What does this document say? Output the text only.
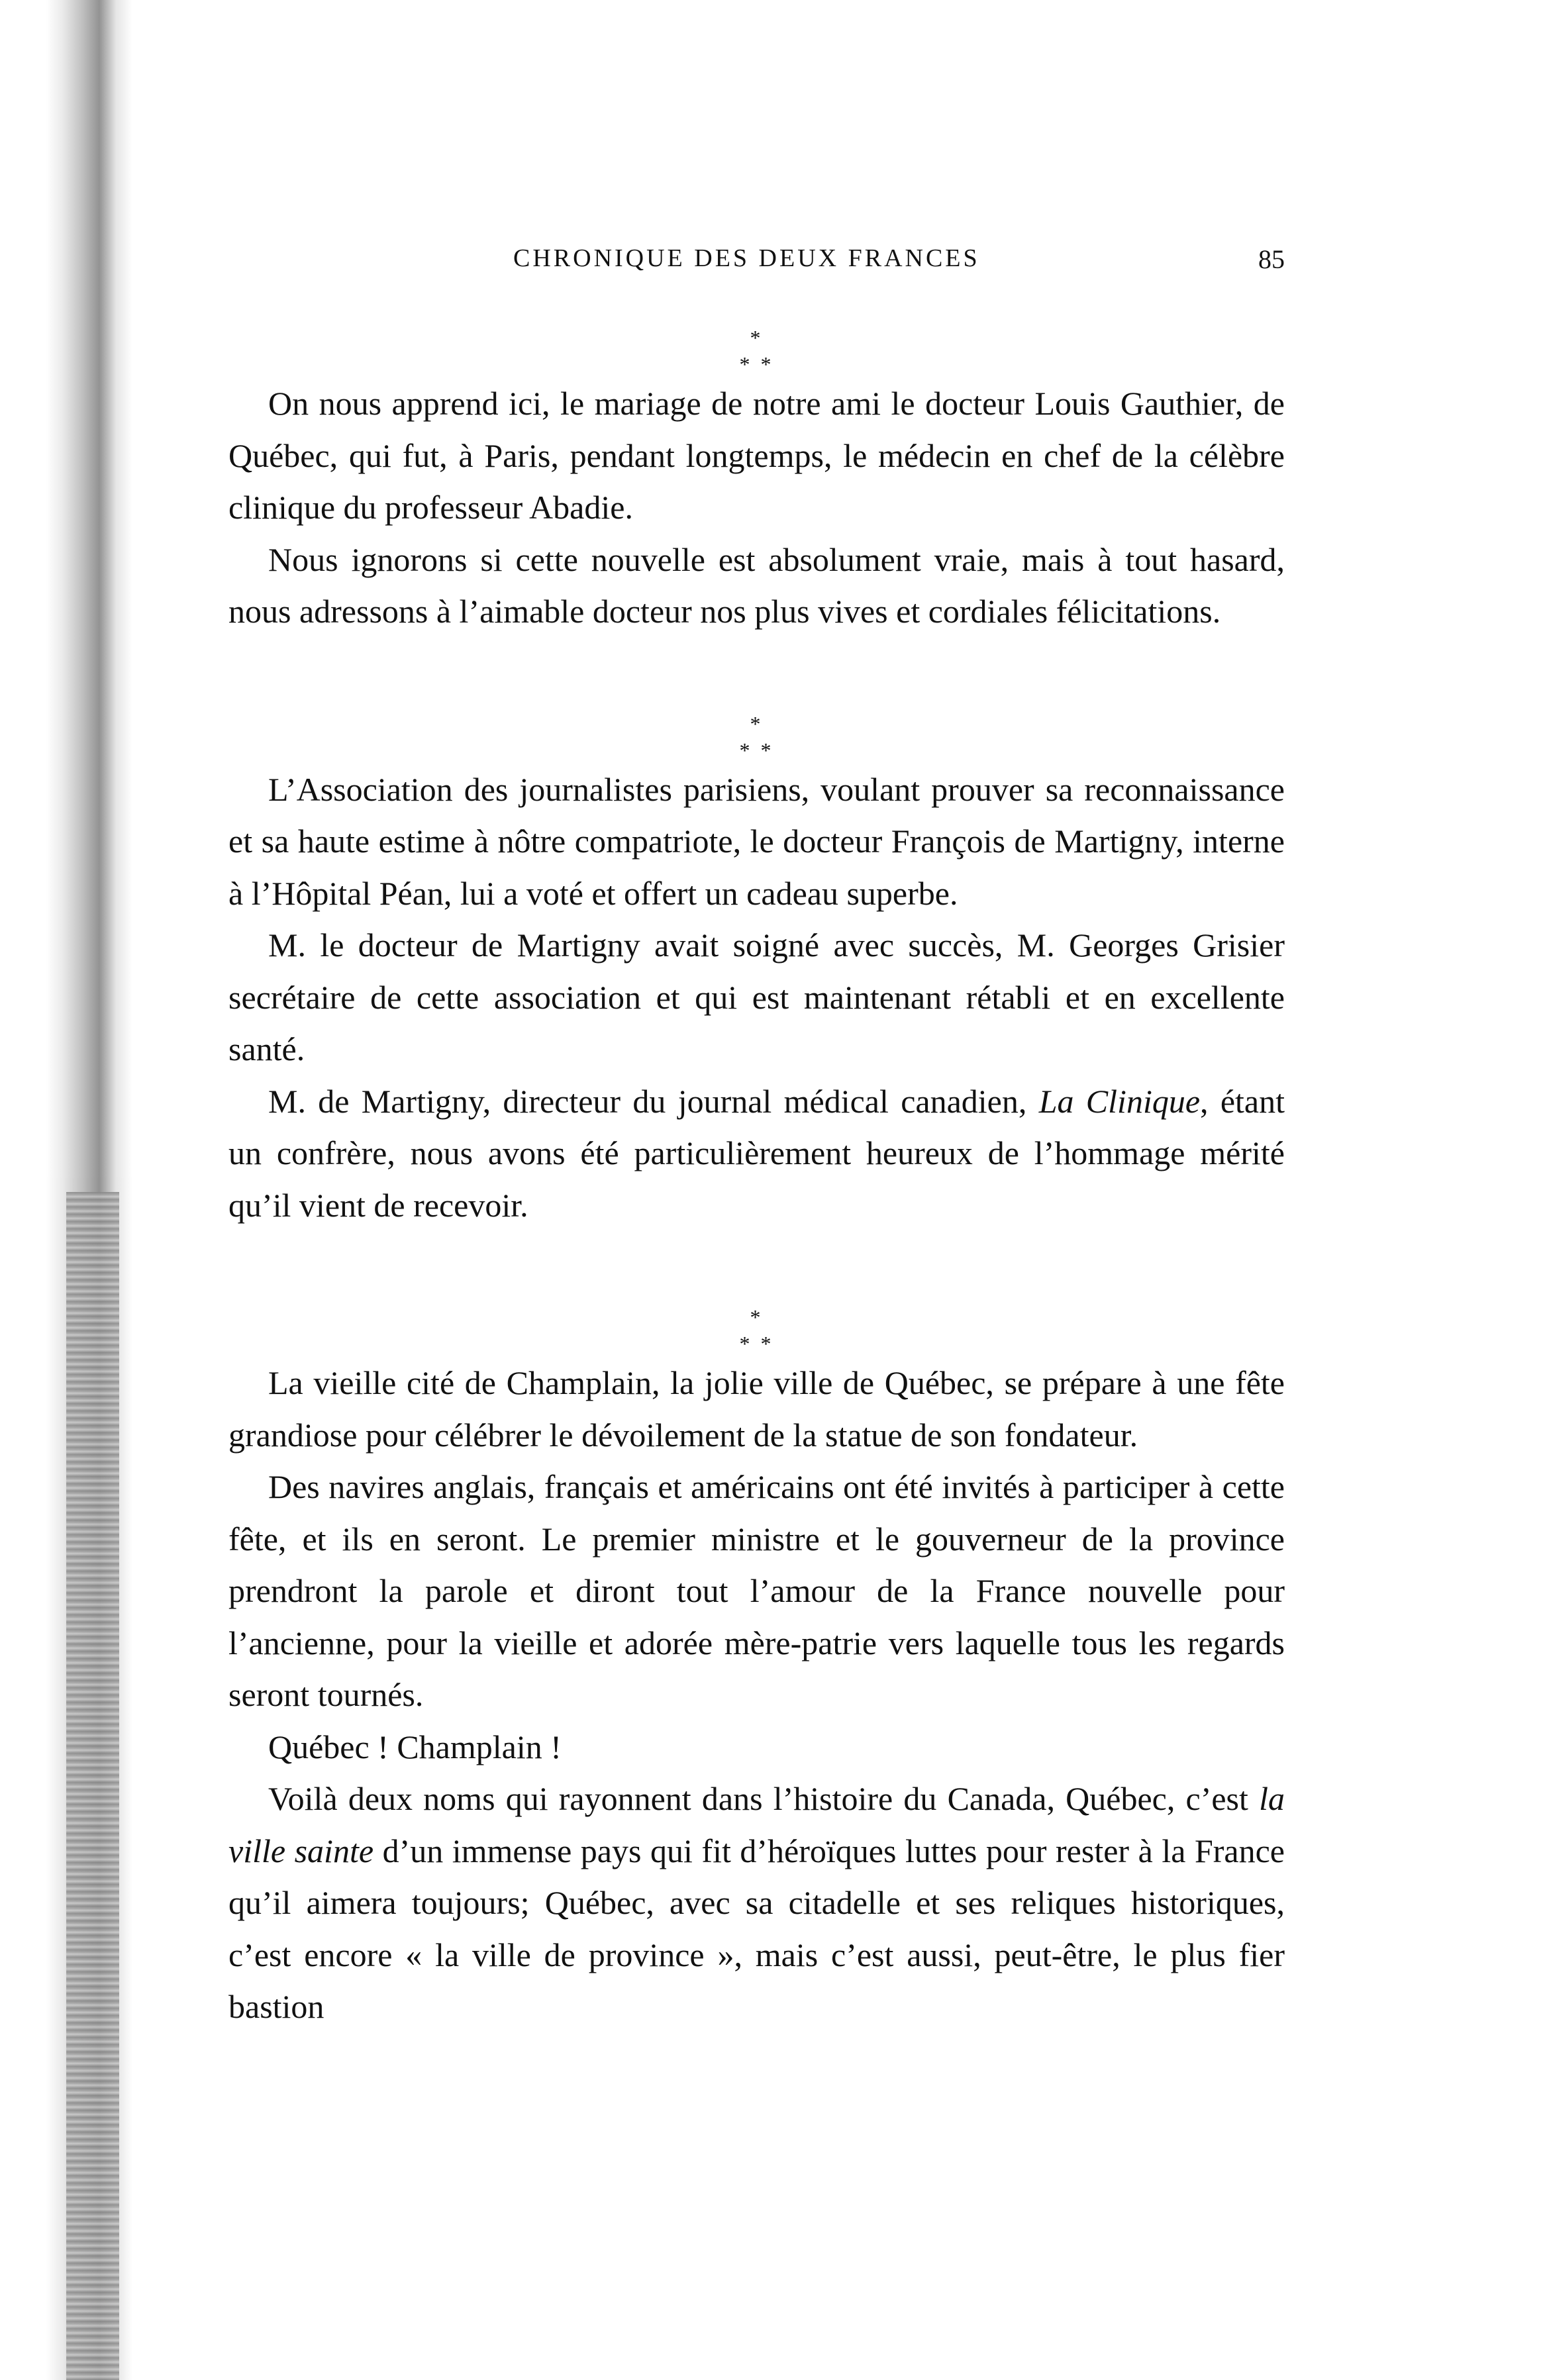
CHRONIQUE DES DEUX FRANCES	85
*
* *

On nous apprend ici, le mariage de notre ami le docteur Louis Gauthier, de Québec, qui fut, à Paris, pendant longtemps, le médecin en chef de la célèbre clinique du professeur Abadie.

Nous ignorons si cette nouvelle est absolument vraie, mais à tout hasard, nous adressons à l’aimable docteur nos plus vives et cordiales félicitations.

*
* *

L’Association des journalistes parisiens, voulant prouver sa reconnaissance et sa haute estime à nôtre compatriote, le docteur François de Martigny, interne à l’Hôpital Péan, lui a voté et offert un cadeau superbe.

M. le docteur de Martigny avait soigné avec succès, M. Georges Grisier secrétaire de cette association et qui est maintenant rétabli et en excellente santé.

M. de Martigny, directeur du journal médical canadien, La Clinique, étant un confrère, nous avons été particulièrement heureux de l’hommage mérité qu’il vient de recevoir.

*
* *

La vieille cité de Champlain, la jolie ville de Québec, se prépare à une fête grandiose pour célébrer le dévoilement de la statue de son fondateur.

Des navires anglais, français et américains ont été invités à participer à cette fête, et ils en seront. Le premier ministre et le gouverneur de la province prendront la parole et diront tout l’amour de la France nouvelle pour l’ancienne, pour la vieille et adorée mère-patrie vers laquelle tous les regards seront tournés.

Québec ! Champlain !

Voilà deux noms qui rayonnent dans l’histoire du Canada, Québec, c’est la ville sainte d’un immense pays qui fit d’héroïques luttes pour rester à la France qu’il aimera toujours; Québec, avec sa citadelle et ses reliques historiques, c’est encore « la ville de province », mais c’est aussi, peut-être, le plus fier bastion
